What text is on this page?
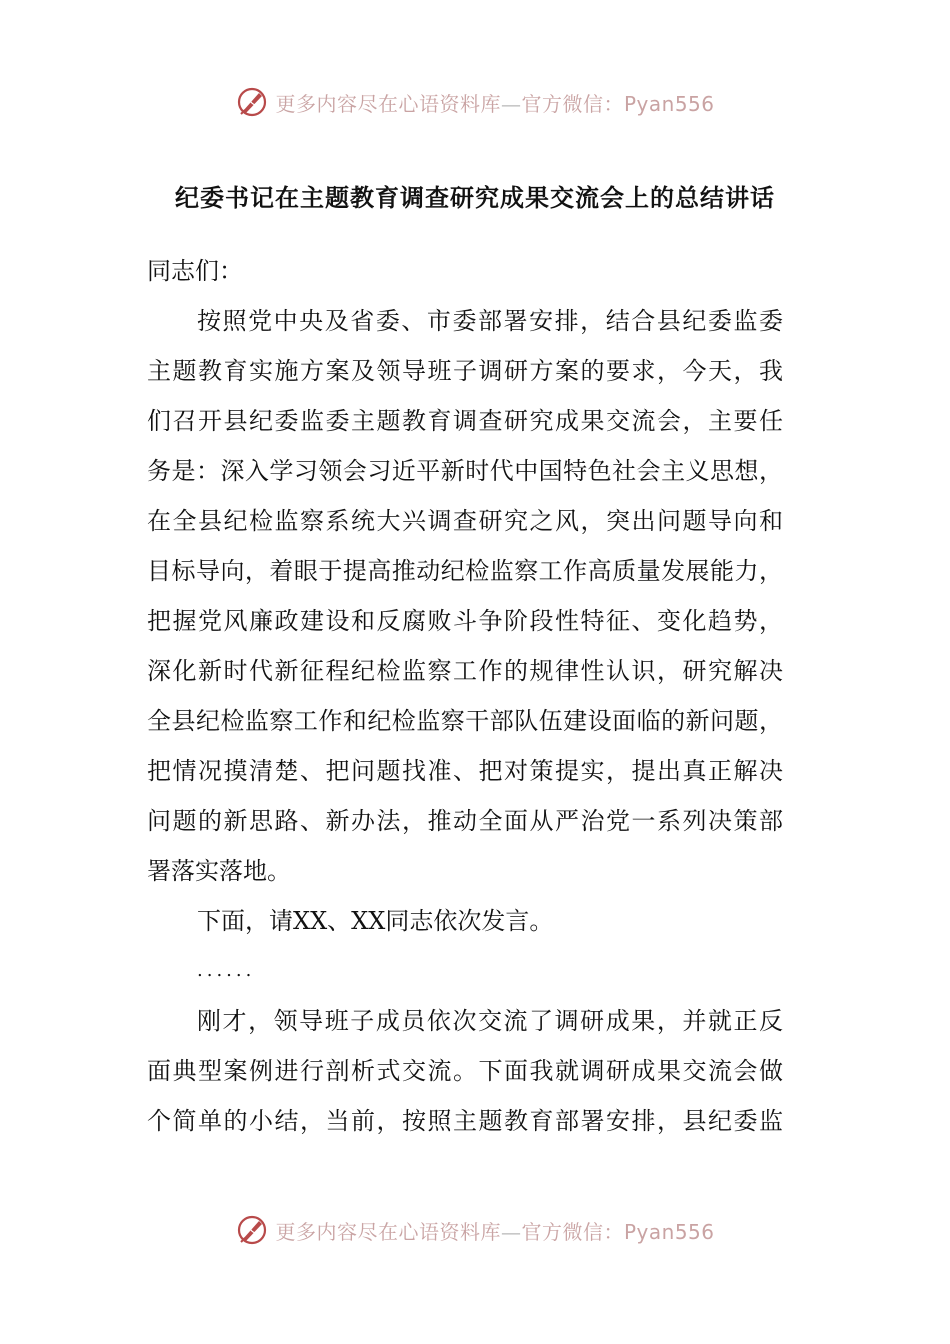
更多内容尽在心语资料库—官方微信：Pyan556
纪委书记在主题教育调查研究成果交流会上的总结讲话
同志们：
按照党中央及省委、市委部署安排，结合县纪委监委
主题教育实施方案及领导班子调研方案的要求，今天，我
们召开县纪委监委主题教育调查研究成果交流会，主要任
务是：深入学习领会习近平新时代中国特色社会主义思想，
在全县纪检监察系统大兴调查研究之风，突出问题导向和
目标导向，着眼于提高推动纪检监察工作高质量发展能力，
把握党风廉政建设和反腐败斗争阶段性特征、变化趋势，
深化新时代新征程纪检监察工作的规律性认识，研究解决
全县纪检监察工作和纪检监察干部队伍建设面临的新问题，
把情况摸清楚、把问题找准、把对策提实，提出真正解决
问题的新思路、新办法，推动全面从严治党一系列决策部
署落实落地。
下面，请XX、XX同志依次发言。
......
刚才，领导班子成员依次交流了调研成果，并就正反
面典型案例进行剖析式交流。下面我就调研成果交流会做
个简单的小结，当前，按照主题教育部署安排，县纪委监
更多内容尽在心语资料库—官方微信：Pyan556
